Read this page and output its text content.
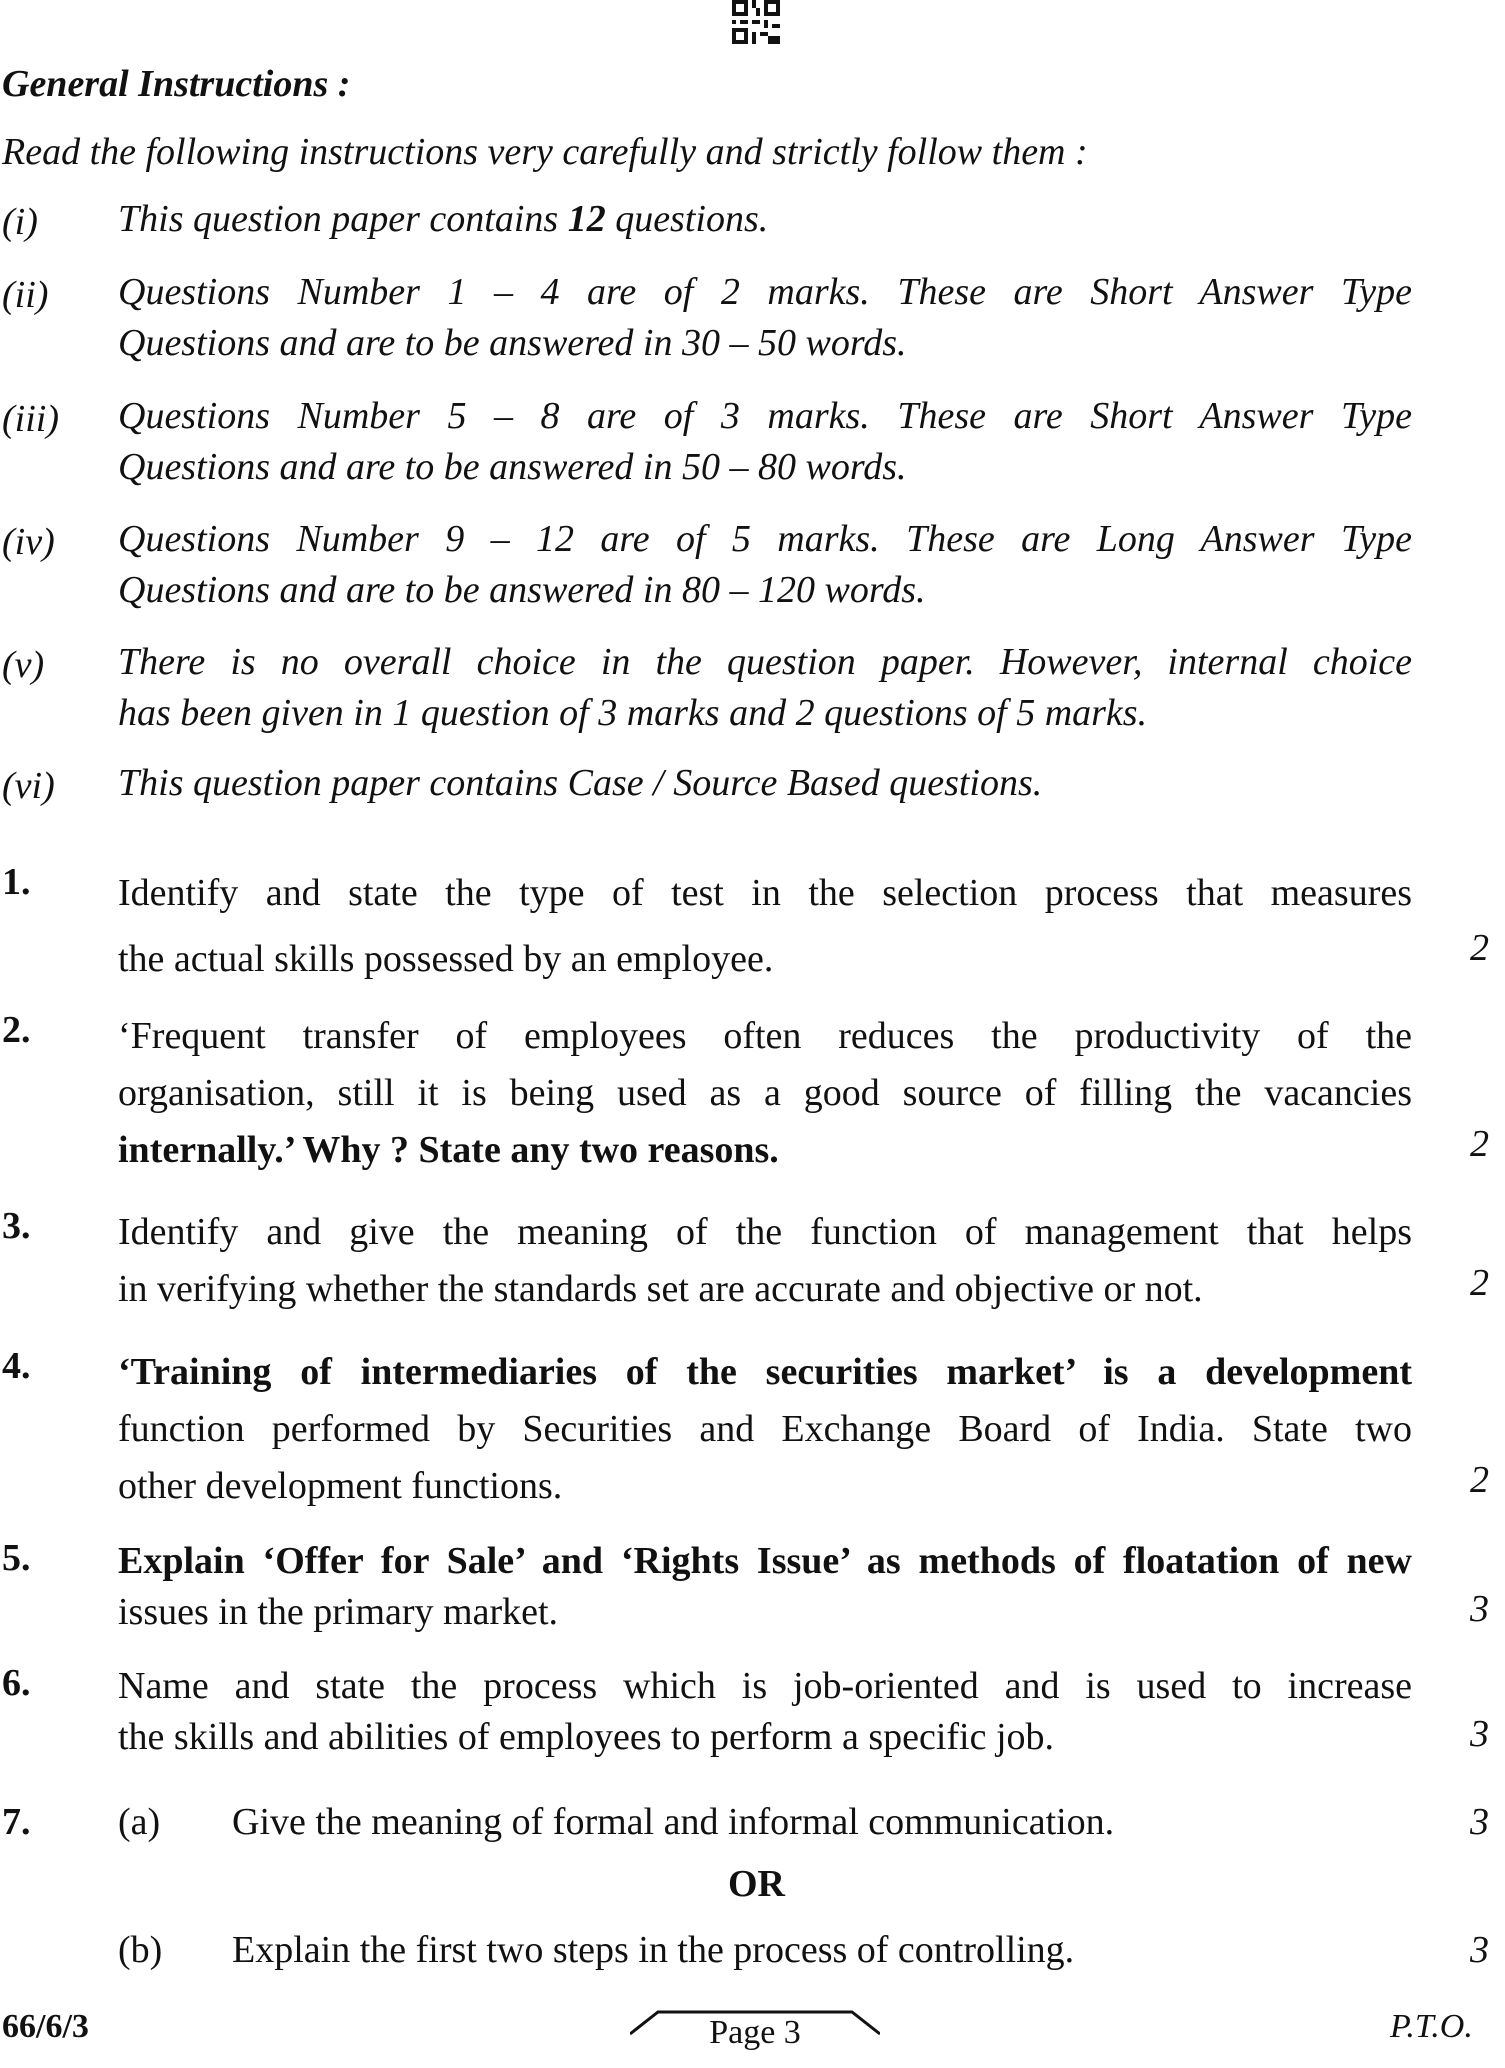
General Instructions :
Read the following instructions very carefully and strictly follow them :
(i) This question paper contains 12 questions.
(ii) Questions Number 1 – 4 are of 2 marks. These are Short Answer Type
Questions and are to be answered in 30 – 50 words.
(iii) Questions Number 5 – 8 are of 3 marks. These are Short Answer Type
Questions and are to be answered in 50 – 80 words.
(iv) Questions Number 9 – 12 are of 5 marks. These are Long Answer Type
Questions and are to be answered in 80 – 120 words.
(v) There is no overall choice in the question paper. However, internal choice
has been given in 1 question of 3 marks and 2 questions of 5 marks.
(vi) This question paper contains Case / Source Based questions.
1. Identify and state the type of test in the selection process that measures
the actual skills possessed by an employee.	2
2. ‘Frequent transfer of employees often reduces the productivity of the
organisation, still it is being used as a good source of filling the vacancies
internally.’ Why ? State any two reasons.	2
3. Identify and give the meaning of the function of management that helps
in verifying whether the standards set are accurate and objective or not.	2
4. ‘Training of intermediaries of the securities market’ is a development
function performed by Securities and Exchange Board of India. State two
other development functions.	2
5. Explain ‘Offer for Sale’ and ‘Rights Issue’ as methods of floatation of new
issues in the primary market.	3
6. Name and state the process which is job-oriented and is used to increase
the skills and abilities of employees to perform a specific job.	3
7. (a) Give the meaning of formal and informal communication.	3
(b) Explain the first two steps in the process of controlling.	3
OR
66/6/3	Page 3	P.T.O.
